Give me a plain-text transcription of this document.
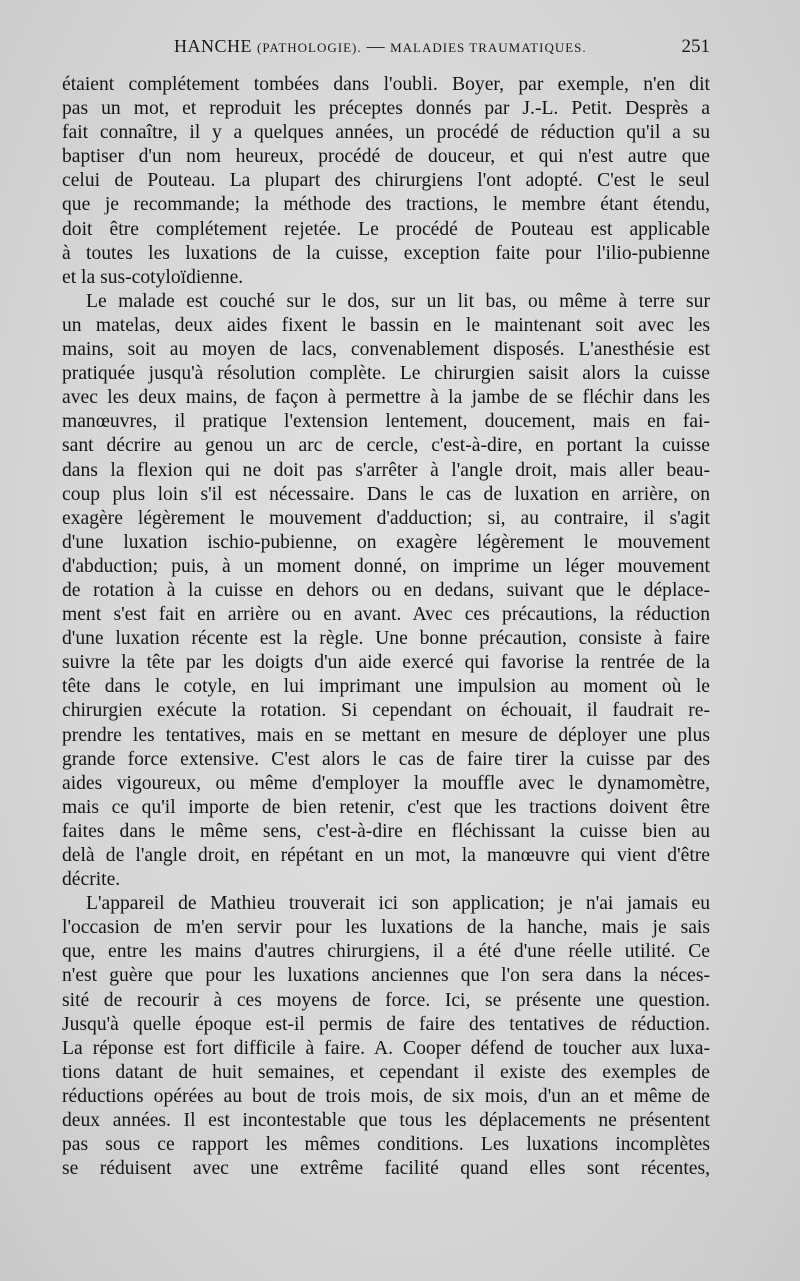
HANCHE (PATHOLOGIE). — MALADIES TRAUMATIQUES.	251

étaient complétement tombées dans l'oubli. Boyer, par exemple, n'en dit

pas un mot, et reproduit les préceptes donnés par J.-L. Petit. Desprès a

fait connaître, il y a quelques années, un procédé de réduction qu'il a su

baptiser d'un nom heureux, procédé de douceur, et qui n'est autre que

celui de Pouteau. La plupart des chirurgiens l'ont adopté. C'est le seul

que je recommande; la méthode des tractions, le membre étant étendu,

doit être complétement rejetée. Le procédé de Pouteau est applicable

à toutes les luxations de la cuisse, exception faite pour l'ilio-pubienne

et la sus-cotyloïdienne.

Le malade est couché sur le dos, sur un lit bas, ou même à terre sur

un matelas, deux aides fixent le bassin en le maintenant soit avec les

mains, soit au moyen de lacs, convenablement disposés. L'anesthésie est

pratiquée jusqu'à résolution complète. Le chirurgien saisit alors la cuisse

avec les deux mains, de façon à permettre à la jambe de se fléchir dans les

manœuvres, il pratique l'extension lentement, doucement, mais en fai-

sant décrire au genou un arc de cercle, c'est-à-dire, en portant la cuisse

dans la flexion qui ne doit pas s'arrêter à l'angle droit, mais aller beau-

coup plus loin s'il est nécessaire. Dans le cas de luxation en arrière, on

exagère légèrement le mouvement d'adduction; si, au contraire, il s'agit

d'une luxation ischio-pubienne, on exagère légèrement le mouvement

d'abduction; puis, à un moment donné, on imprime un léger mouvement

de rotation à la cuisse en dehors ou en dedans, suivant que le déplace-

ment s'est fait en arrière ou en avant. Avec ces précautions, la réduction

d'une luxation récente est la règle. Une bonne précaution, consiste à faire

suivre la tête par les doigts d'un aide exercé qui favorise la rentrée de la

tête dans le cotyle, en lui imprimant une impulsion au moment où le

chirurgien exécute la rotation. Si cependant on échouait, il faudrait re-

prendre les tentatives, mais en se mettant en mesure de déployer une plus

grande force extensive. C'est alors le cas de faire tirer la cuisse par des

aides vigoureux, ou même d'employer la mouffle avec le dynamomètre,

mais ce qu'il importe de bien retenir, c'est que les tractions doivent être

faites dans le même sens, c'est-à-dire en fléchissant la cuisse bien au

delà de l'angle droit, en répétant en un mot, la manœuvre qui vient d'être

décrite.

L'appareil de Mathieu trouverait ici son application; je n'ai jamais eu

l'occasion de m'en servir pour les luxations de la hanche, mais je sais

que, entre les mains d'autres chirurgiens, il a été d'une réelle utilité. Ce

n'est guère que pour les luxations anciennes que l'on sera dans la néces-

sité de recourir à ces moyens de force. Ici, se présente une question.

Jusqu'à quelle époque est-il permis de faire des tentatives de réduction.

La réponse est fort difficile à faire. A. Cooper défend de toucher aux luxa-

tions datant de huit semaines, et cependant il existe des exemples de

réductions opérées au bout de trois mois, de six mois, d'un an et même de

deux années. Il est incontestable que tous les déplacements ne présentent

pas sous ce rapport les mêmes conditions. Les luxations incomplètes

se réduisent avec une extrême facilité quand elles sont récentes,
